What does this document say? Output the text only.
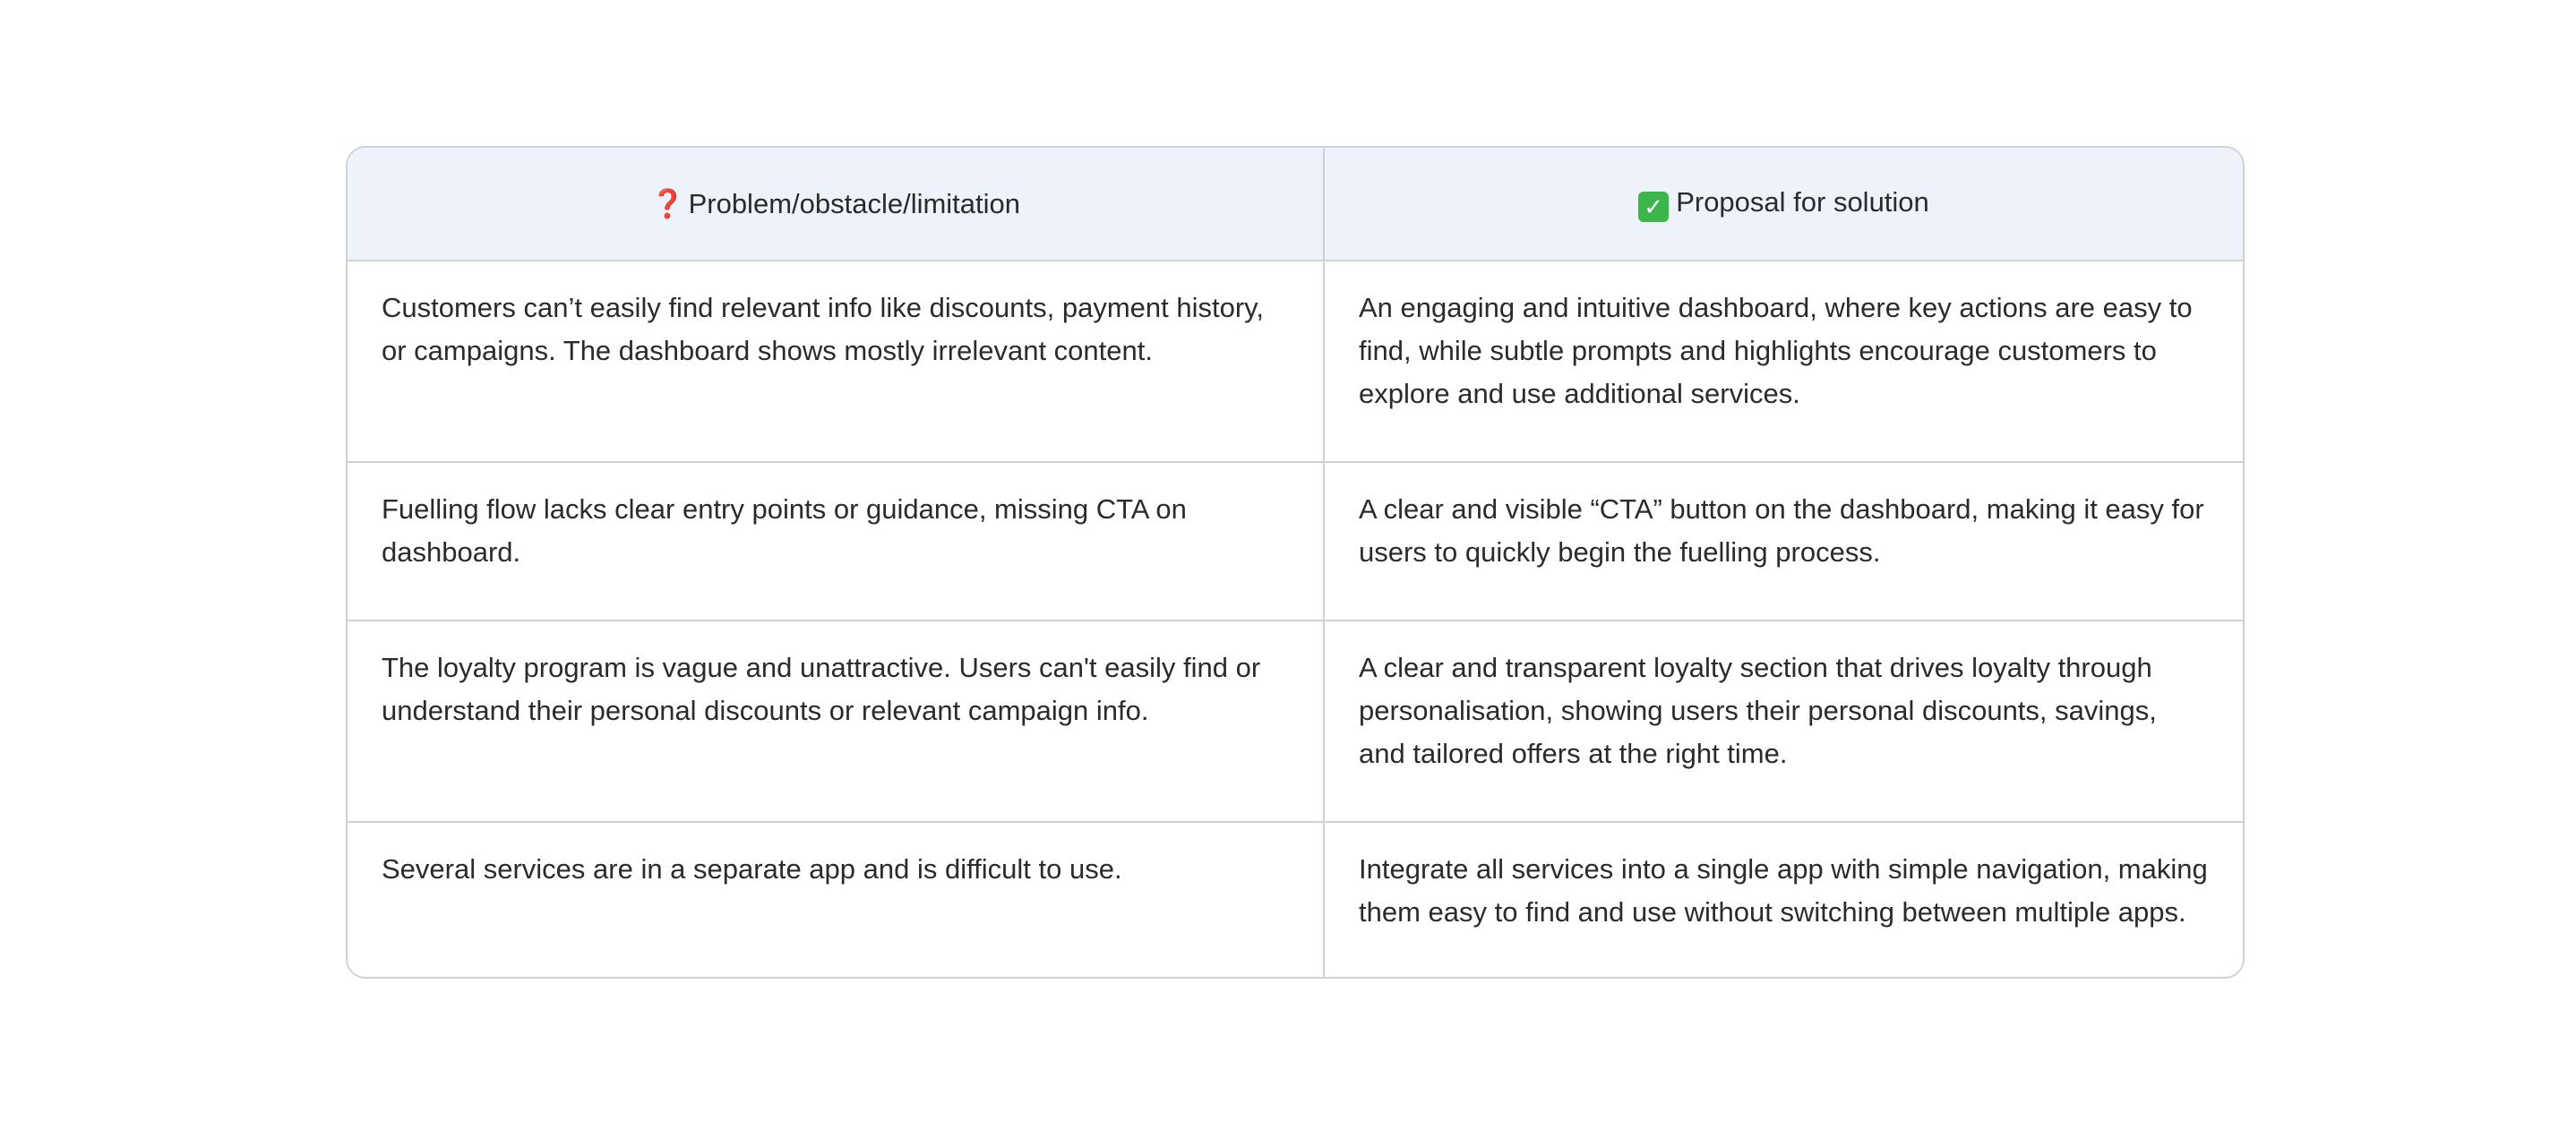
❓ Problem/obstacle/limitation	✓ Proposal for solution
Customers can’t easily find relevant info like discounts, payment history, or campaigns. The dashboard shows mostly irrelevant content.	An engaging and intuitive dashboard, where key actions are easy to find, while subtle prompts and highlights encourage customers to explore and use additional services.
Fuelling flow lacks clear entry points or guidance, missing CTA on dashboard.	A clear and visible “CTA” button on the dashboard, making it easy for users to quickly begin the fuelling process.
The loyalty program is vague and unattractive. Users can't easily find or understand their personal discounts or relevant campaign info.	A clear and transparent loyalty section that drives loyalty through personalisation, showing users their personal discounts, savings, and tailored offers at the right time.
Several services are in a separate app and is difficult to use.	Integrate all services into a single app with simple navigation, making them easy to find and use without switching between multiple apps.
